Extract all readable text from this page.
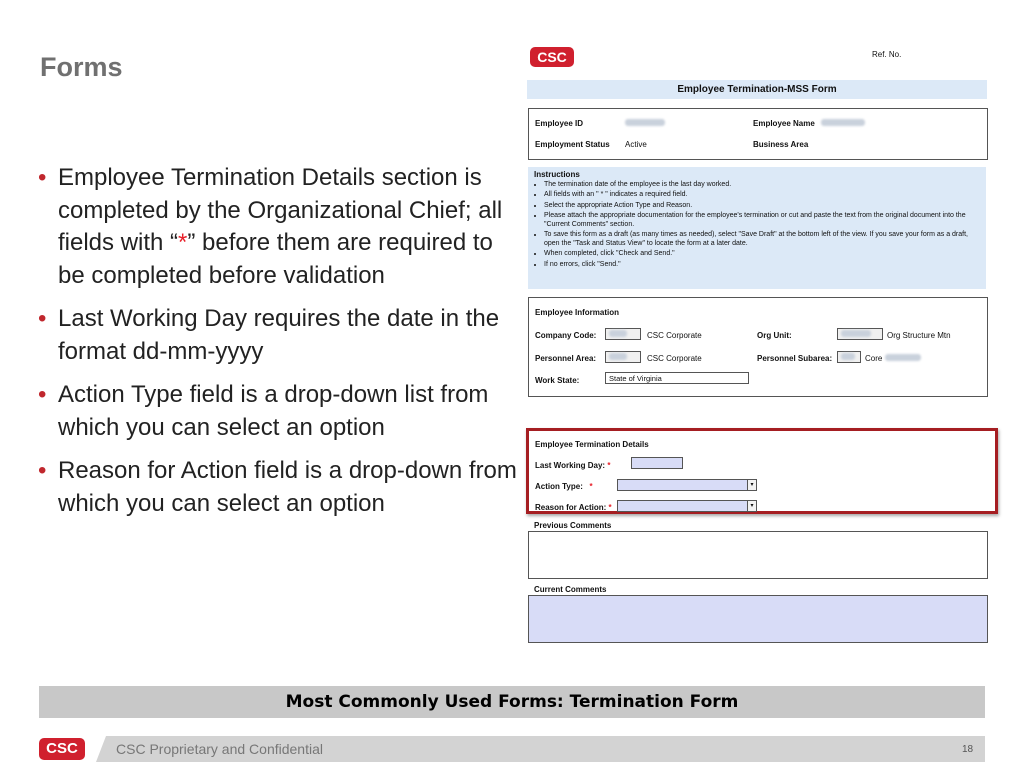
Forms
• Employee Termination Details section is completed by the Organizational Chief; all fields with “*” before them are required to be completed before validation
• Last Working Day requires the date in the format dd-mm-yyyy
• Action Type field is a drop-down list from which you can select an option
• Reason for Action field is a drop-down from which you can select an option
CSC	Ref. No.
Employee Termination-MSS Form
Employee ID	Employee Name
Employment Status Active	Business Area
Instructions
• The termination date of the employee is the last day worked.
• All fields with an " * " indicates a required field.
• Select the appropriate Action Type and Reason.
• Please attach the appropriate documentation for the employee's termination or cut and paste the text from the original document into the "Current Comments" section.
• To save this form as a draft (as many times as needed), select "Save Draft" at the bottom left of the view. If you save your form as a draft, open the "Task and Status View" to locate the form at a later date.
• When completed, click "Check and Send."
• If no errors, click "Send."
Employee Information
Company Code:	CSC Corporate	Org Unit:	Org Structure Mtn
Personnel Area:	CSC Corporate	Personnel Subarea:	Core
Work State:	State of Virginia
Employee Termination Details
Last Working Day: *
Action Type: *	▾
Reason for Action: *	▾
Previous Comments
Current Comments
Most Commonly Used Forms: Termination Form
CSC	CSC Proprietary and Confidential	18
